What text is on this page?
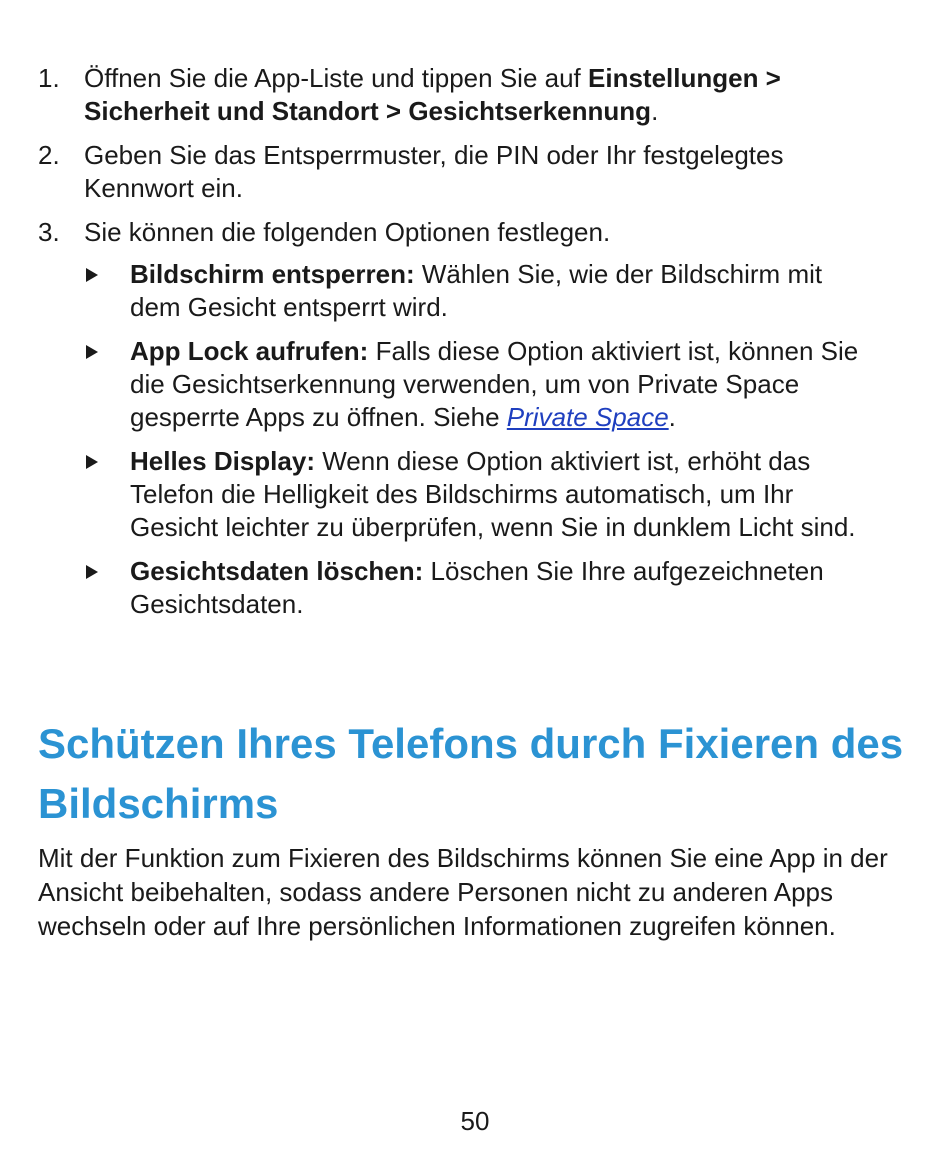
1. Öffnen Sie die App-Liste und tippen Sie auf Einstellungen > Sicherheit und Standort > Gesichtserkennung.
2. Geben Sie das Entsperrmuster, die PIN oder Ihr festgelegtes Kennwort ein.
3. Sie können die folgenden Optionen festlegen.
Bildschirm entsperren: Wählen Sie, wie der Bildschirm mit dem Gesicht entsperrt wird.
App Lock aufrufen: Falls diese Option aktiviert ist, können Sie die Gesichtserkennung verwenden, um von Private Space gesperrte Apps zu öffnen. Siehe Private Space.
Helles Display: Wenn diese Option aktiviert ist, erhöht das Telefon die Helligkeit des Bildschirms automatisch, um Ihr Gesicht leichter zu überprüfen, wenn Sie in dunklem Licht sind.
Gesichtsdaten löschen: Löschen Sie Ihre aufgezeichneten Gesichtsdaten.
Schützen Ihres Telefons durch Fixieren des Bildschirms

Mit der Funktion zum Fixieren des Bildschirms können Sie eine App in der Ansicht beibehalten, sodass andere Personen nicht zu anderen Apps wechseln oder auf Ihre persönlichen Informationen zugreifen können.

50
